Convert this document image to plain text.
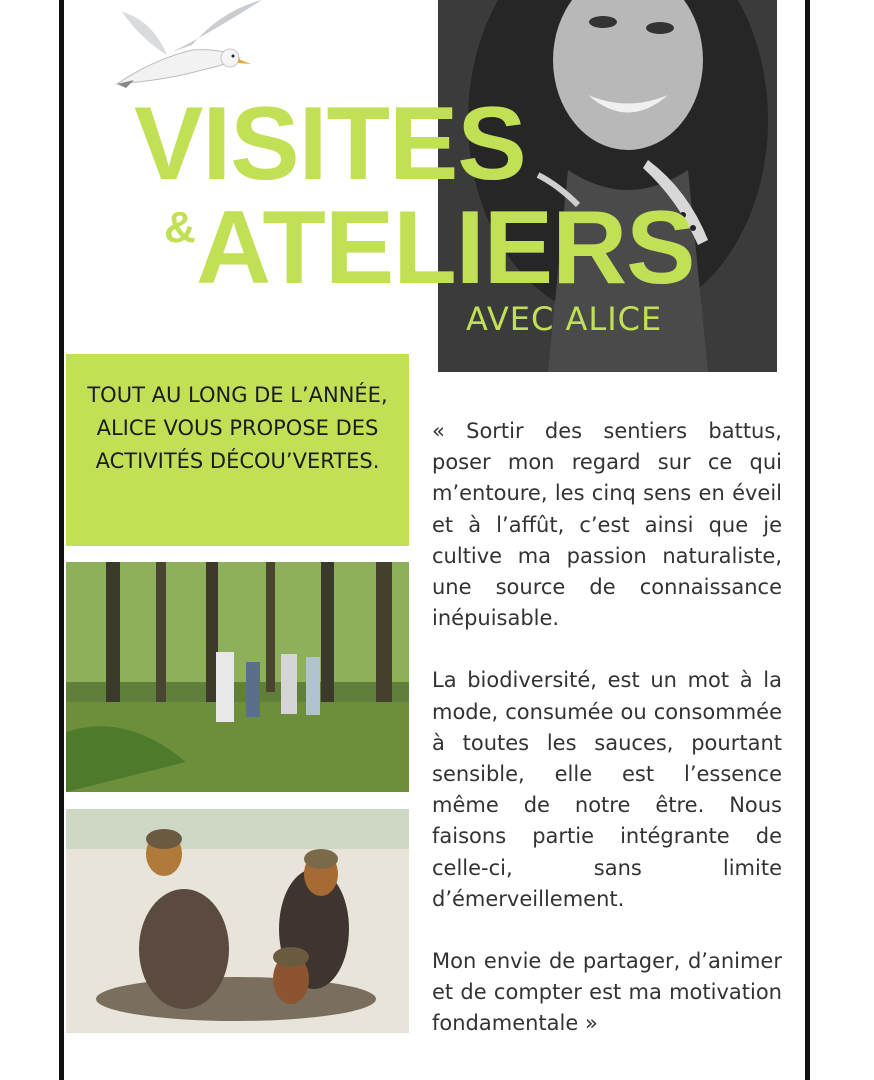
VISITES
& ATELIERS
AVEC ALICE
TOUT AU LONG DE L’ANNÉE, ALICE VOUS PROPOSE DES ACTIVITÉS DÉCOU’VERTES.

« Sortir des sentiers battus, poser mon regard sur ce qui m’entoure, les cinq sens en éveil et à l’affût, c’est ainsi que je cultive ma passion naturaliste, une source de connaissance inépuisable.

La biodiversité, est un mot à la mode, consumée ou consommée à toutes les sauces, pourtant sensible, elle est l’essence même de notre être. Nous faisons partie intégrante de celle-ci, sans limite d’émerveillement.

Mon envie de partager, d’animer et de compter est ma motivation fondamentale »
